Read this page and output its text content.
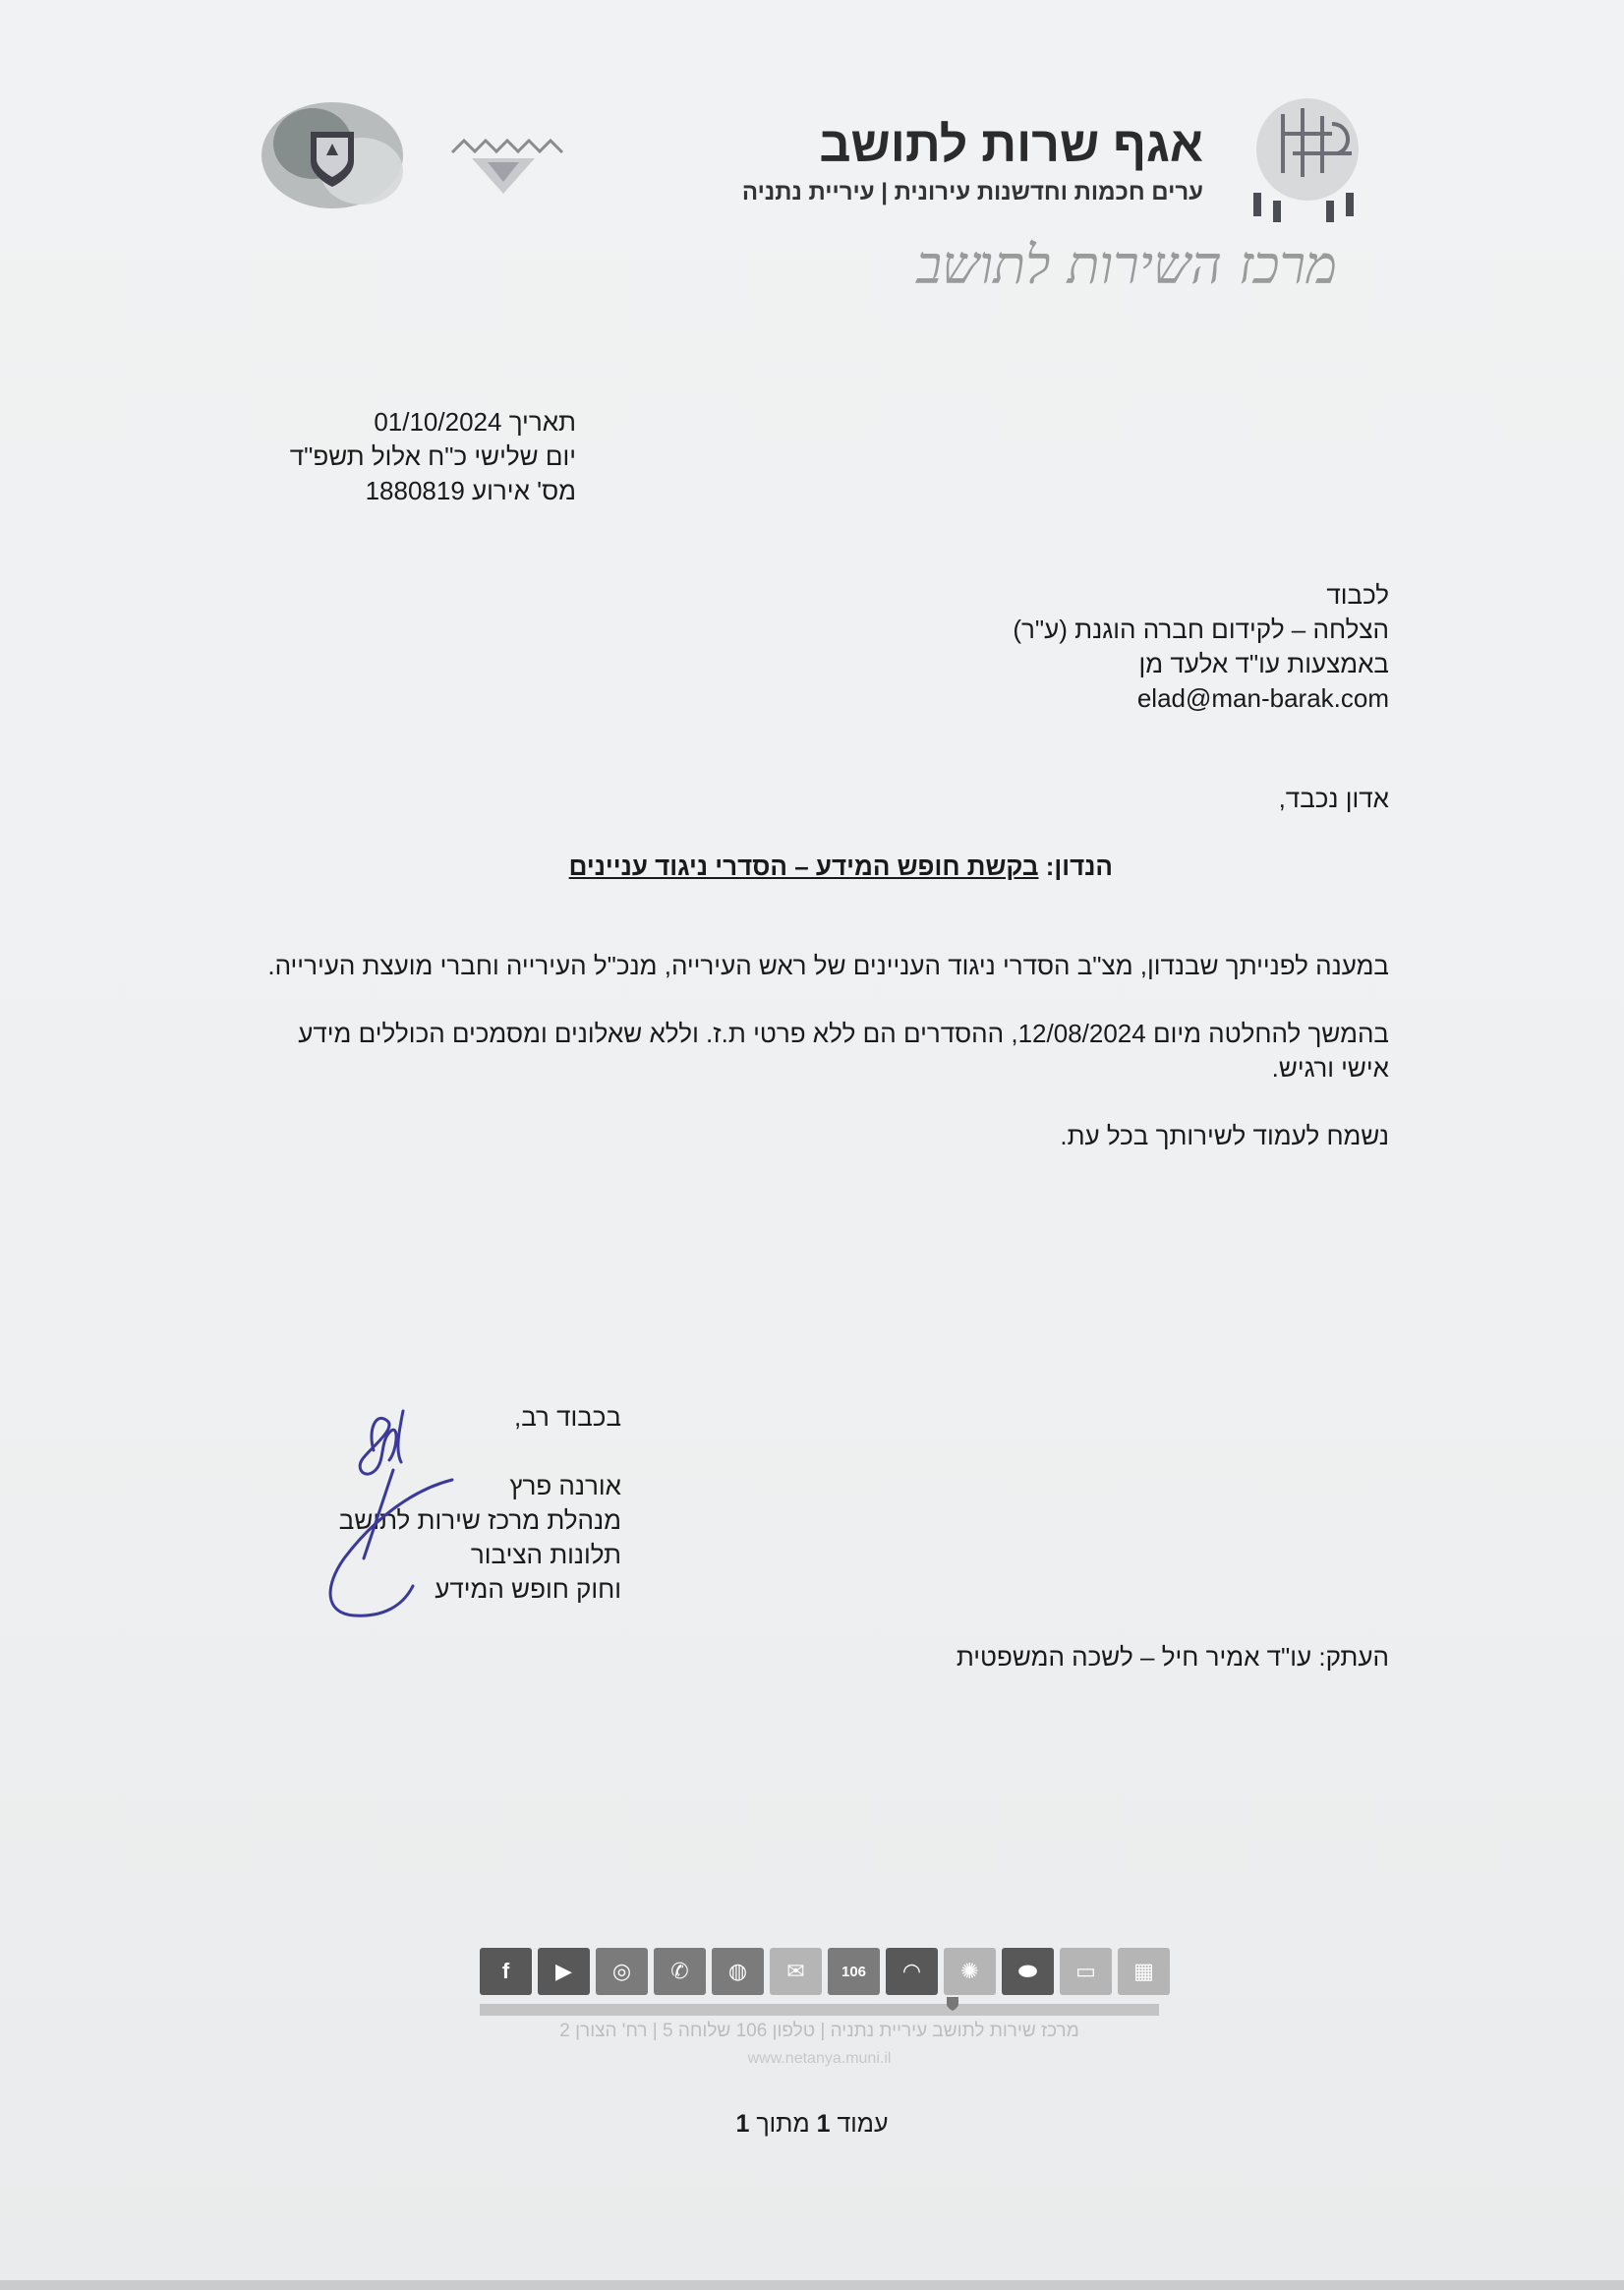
אגף שרות לתושב
ערים חכמות וחדשנות עירונית | עיריית נתניה
מרכז השירות לתושב
תאריך 01/10/2024
יום שלישי כ"ח אלול תשפ"ד
מס' אירוע 1880819
לכבוד
הצלחה – לקידום חברה הוגנת (ע"ר)
באמצעות עו"ד אלעד מן
elad@man-barak.com
אדון נכבד,
הנדון: בקשת חופש המידע – הסדרי ניגוד עניינים

במענה לפנייתך שבנדון, מצ"ב הסדרי ניגוד העניינים של ראש העירייה, מנכ"ל העירייה וחברי מועצת העירייה.

בהמשך להחלטה מיום 12/08/2024, ההסדרים הם ללא פרטי ת.ז. וללא שאלונים ומסמכים הכוללים מידע אישי ורגיש.

נשמח לעמוד לשירותך בכל עת.

בכבוד רב,
אורנה פרץ
מנהלת מרכז שירות לתושב
תלונות הציבור
וחוק חופש המידע
העתק: עו"ד אמיר חיל – לשכה המשפטית
f	▶	◎	✆	◍	✉	106	◠	✺	⬬	▭	▦
מרכז שירות לתושב עיריית נתניה | טלפון 106 שלוחה 5 | רח' הצורן 2
www.netanya.muni.il
עמוד 1 מתוך 1
